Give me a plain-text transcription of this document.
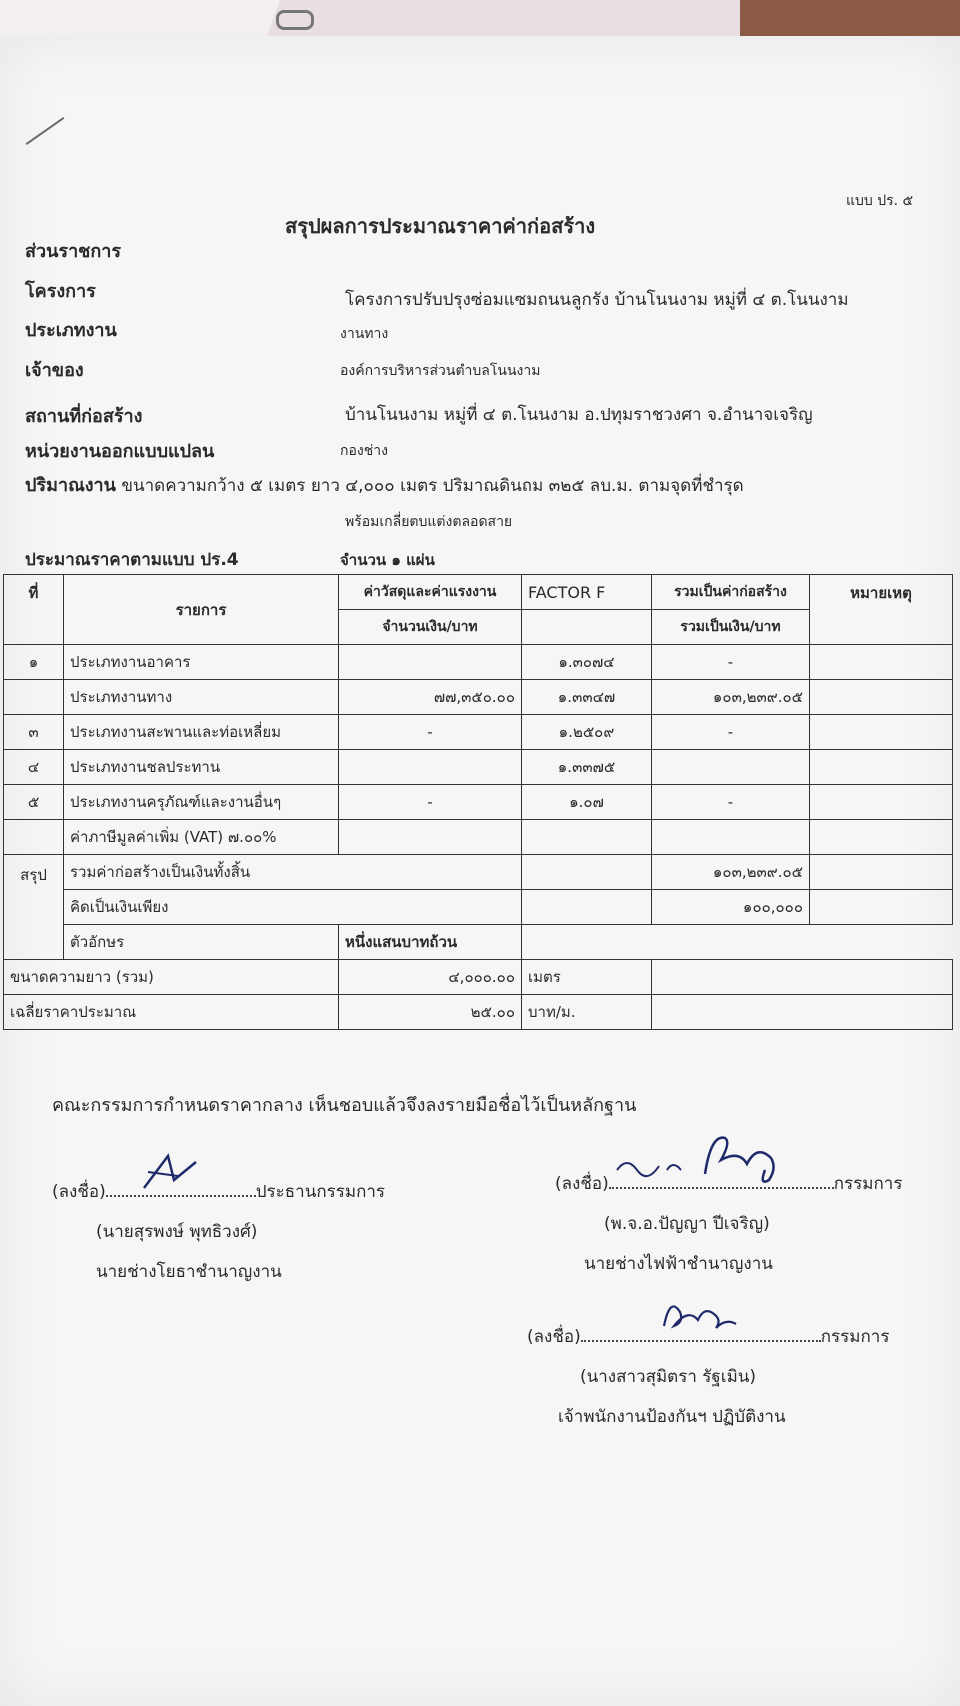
แบบ ปร. ๕
สรุปผลการประมาณราคาค่าก่อสร้าง
ส่วนราชการ
โครงการ	โครงการปรับปรุงซ่อมแซมถนนลูกรัง บ้านโนนงาม หมู่ที่ ๔ ต.โนนงาม
ประเภทงาน	งานทาง
เจ้าของ	องค์การบริหารส่วนตำบลโนนงาม
สถานที่ก่อสร้าง	บ้านโนนงาม หมู่ที่ ๔ ต.โนนงาม อ.ปทุมราชวงศา จ.อำนาจเจริญ
หน่วยงานออกแบบแปลน	กองช่าง
ปริมาณงาน ขนาดความกว้าง ๕ เมตร ยาว ๔,๐๐๐ เมตร ปริมาณดินถม ๓๒๕ ลบ.ม. ตามจุดที่ชำรุด
พร้อมเกลี่ยตบแต่งตลอดสาย
ประมาณราคาตามแบบ ปร.4	จำนวน ๑ แผ่น
ที่	รายการ	ค่าวัสดุและค่าแรงงาน	FACTOR F	รวมเป็นค่าก่อสร้าง	หมายเหตุ
		จำนวนเงิน/บาท		รวมเป็นเงิน/บาท	
๑	ประเภทงานอาคาร		๑.๓๐๗๔	-	
	ประเภทงานทาง	๗๗,๓๕๐.๐๐	๑.๓๓๔๗	๑๐๓,๒๓๙.๐๕	
๓	ประเภทงานสะพานและท่อเหลี่ยม	-	๑.๒๕๐๙	-	
๔	ประเภทงานชลประทาน		๑.๓๓๗๕		
๕	ประเภทงานครุภัณฑ์และงานอื่นๆ	-	๑.๐๗	-	
	ค่าภาษีมูลค่าเพิ่ม (VAT) ๗.๐๐%				
สรุป	รวมค่าก่อสร้างเป็นเงินทั้งสิ้น			๑๐๓,๒๓๙.๐๕	
	คิดเป็นเงินเพียง			๑๐๐,๐๐๐	
	ตัวอักษร	หนึ่งแสนบาทถ้วน			
ขนาดความยาว (รวม)		๔,๐๐๐.๐๐	เมตร		
เฉลี่ยราคาประมาณ		๒๕.๐๐	บาท/ม.		
คณะกรรมการกำหนดราคากลาง เห็นชอบแล้วจึงลงรายมือชื่อไว้เป็นหลักฐาน
(ลงชื่อ)	ประธานกรรมการ
(นายสุรพงษ์ พุทธิวงศ์)
นายช่างโยธาชำนาญงาน
(ลงชื่อ)	กรรมการ
(พ.จ.อ.ปัญญา ปีเจริญ)
นายช่างไฟฟ้าชำนาญงาน
(ลงชื่อ)	กรรมการ
(นางสาวสุมิตรา รัฐเมิน)
เจ้าพนักงานป้องกันฯ ปฏิบัติงาน
